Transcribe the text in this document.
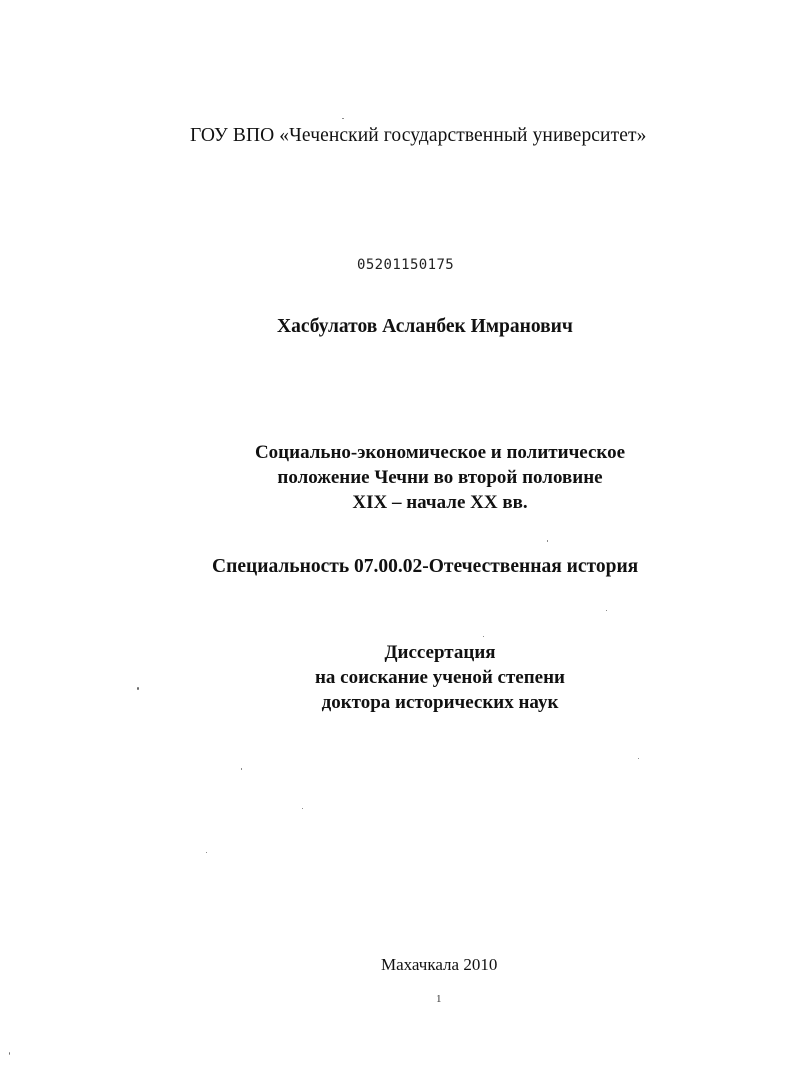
ГОУ ВПО «Чеченский государственный университет»
05201150175
Хасбулатов Асланбек Имранович
Социально-экономическое и политическое
положение Чечни во второй половине
XIX – начале XX вв.
Специальность 07.00.02-Отечественная история
Диссертация
на соискание ученой степени
доктора исторических наук
Махачкала 2010
1
